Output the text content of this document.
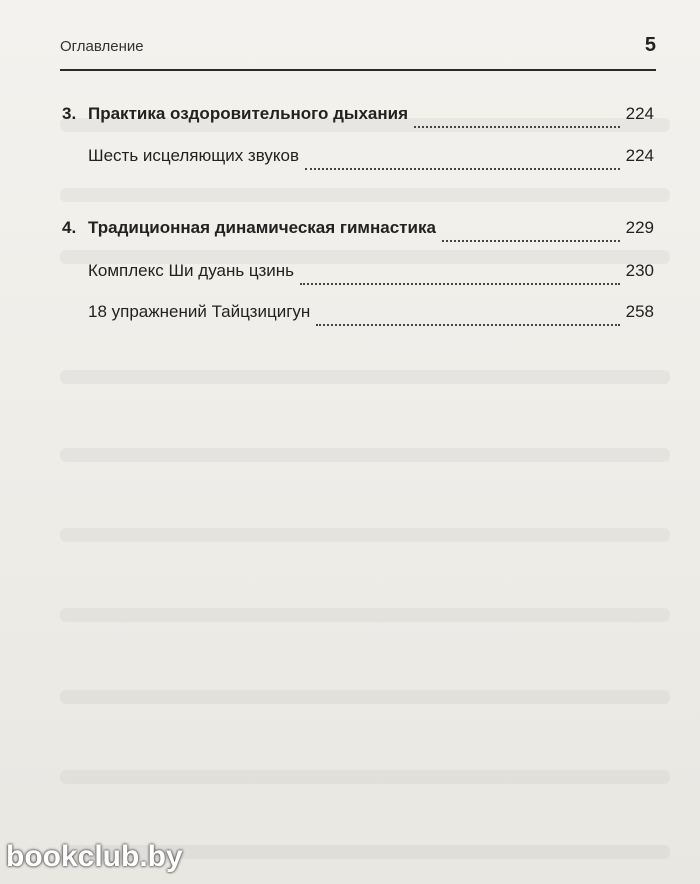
Оглавление	5
3. Практика оздоровительного дыхания	224
Шесть исцеляющих звуков	224
4. Традиционная динамическая гимнастика	229
Комплекс Ши дуань цзинь	230
18 упражнений Тайцзицигун	258
bookclub.by
